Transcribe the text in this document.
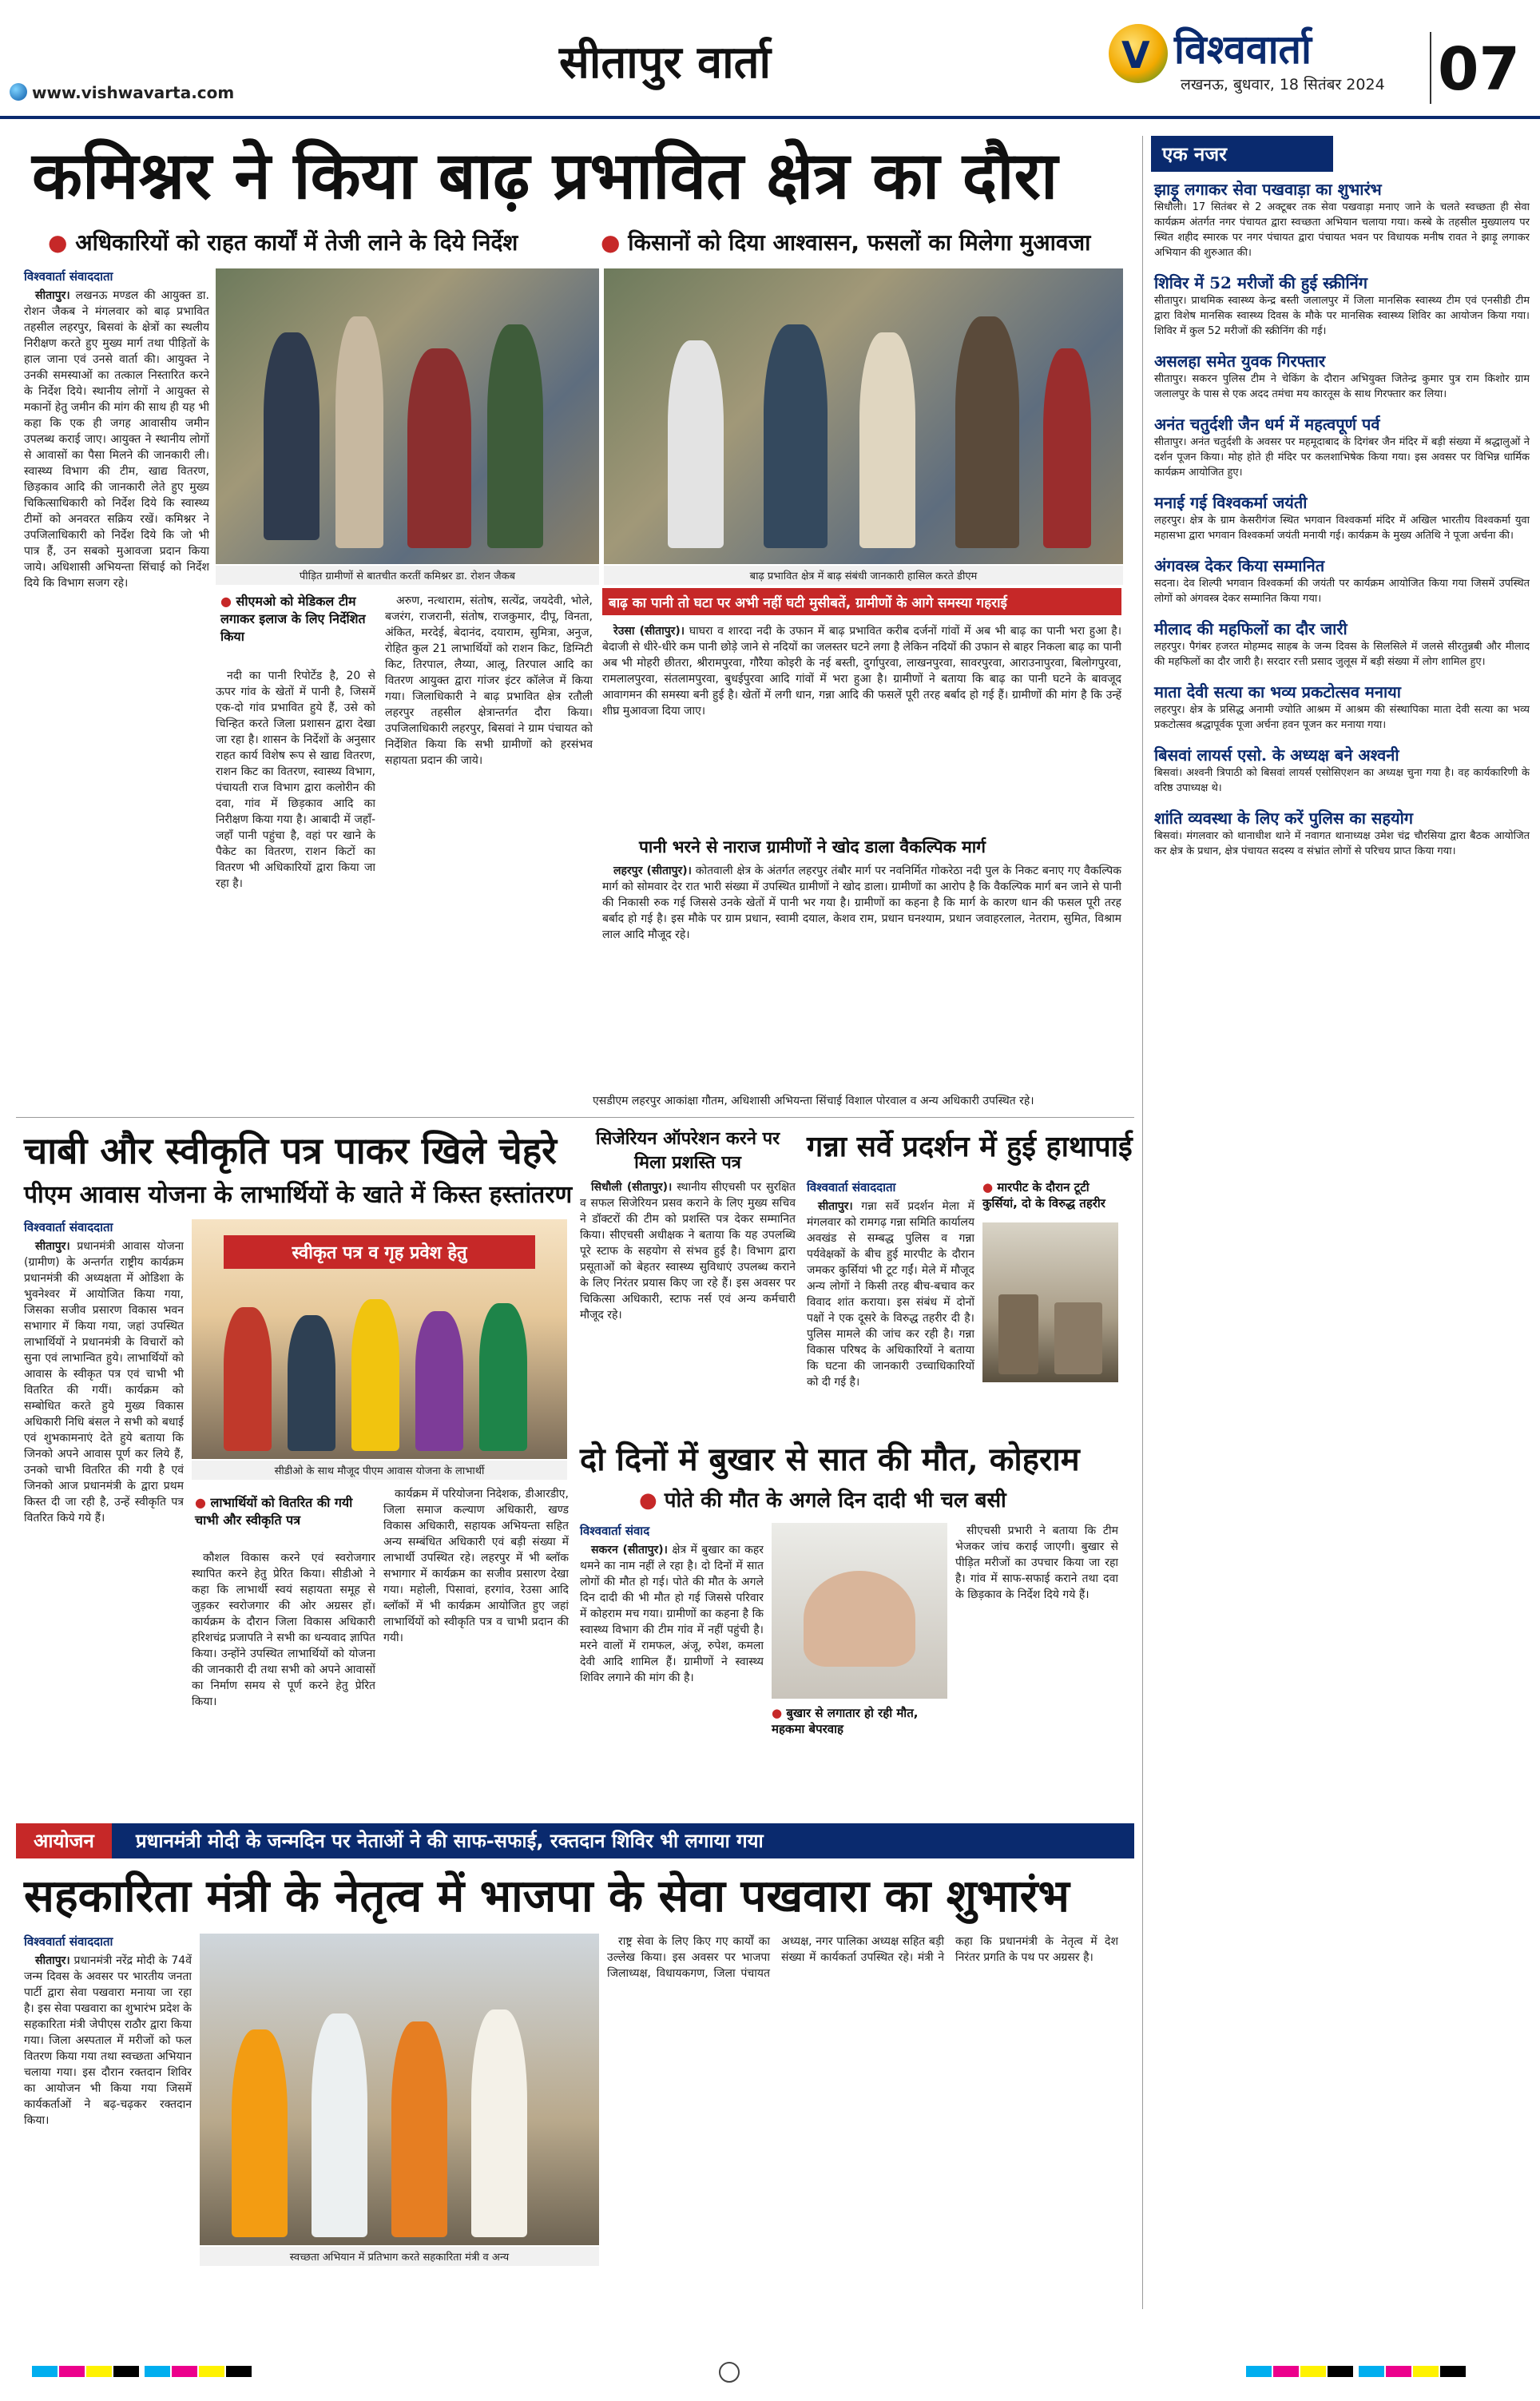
www.vishwavarta.com
सीतापुर वार्ता	V विश्ववार्ता
लखनऊ, बुधवार, 18 सितंबर 2024 07
कमिश्नर ने किया बाढ़ प्रभावित क्षेत्र का दौरा
● अधिकारियों को राहत कार्यों में तेजी लाने के दिये निर्देश	● किसानों को दिया आश्वासन, फसलों का मिलेगा मुआवजा
विश्ववार्ता संवाददाता

सीतापुर। लखनऊ मण्डल की आयुक्त डा. रोशन जैकब ने मंगलवार को बाढ़ प्रभावित तहसील लहरपुर, बिसवां के क्षेत्रों का स्थलीय निरीक्षण करते हुए मुख्य मार्ग तथा पीड़ितों के हाल जाना एवं उनसे वार्ता की। आयुक्त ने उनकी समस्याओं का तत्काल निस्तारित करने के निर्देश दिये। स्थानीय लोगों ने आयुक्त से मकानों हेतु जमीन की मांग की साथ ही यह भी कहा कि एक ही जगह आवासीय जमीन उपलब्ध कराई जाए। आयुक्त ने स्थानीय लोगों से आवासों का पैसा मिलने की जानकारी ली। स्वास्थ्य विभाग की टीम, खाद्य वितरण, छिड़काव आदि की जानकारी लेते हुए मुख्य चिकित्साधिकारी को निर्देश दिये कि स्वास्थ्य टीमों को अनवरत सक्रिय रखें। कमिश्नर ने उपजिलाधिकारी को निर्देश दिये कि जो भी पात्र हैं, उन सबको मुआवजा प्रदान किया जाये। अधिशासी अभियन्ता सिंचाई को निर्देश दिये कि विभाग सजग रहे।

पीड़ित ग्रामीणों से बातचीत करतीं कमिश्नर डा. रोशन जैकब	बाढ़ प्रभावित क्षेत्र में बाढ़ संबंधी जानकारी हासिल करते डीएम
● सीएमओ को मेडिकल टीम लगाकर इलाज के लिए निर्देशित किया

नदी का पानी रिपोर्टेड है, 20 से ऊपर गांव के खेतों में पानी है, जिसमें एक-दो गांव प्रभावित हुये हैं, उसे को चिन्हित करते जिला प्रशासन द्वारा देखा जा रहा है। शासन के निर्देशों के अनुसार राहत कार्य विशेष रूप से खाद्य वितरण, राशन किट का वितरण, स्वास्थ्य विभाग, पंचायती राज विभाग द्वारा कलोरीन की दवा, गांव में छिड़काव आदि का निरीक्षण किया गया है। आबादी में जहाँ-जहाँ पानी पहुंचा है, वहां पर खाने के पैकेट का वितरण, राशन किटों का वितरण भी अधिकारियों द्वारा किया जा रहा है।

अरुण, नत्थाराम, संतोष, सत्येंद्र, जयदेवी, भोले, बजरंग, राजरानी, संतोष, राजकुमार, दीपू, विनता, अंकित, मरदेई, बेदानंद, दयाराम, सुमित्रा, अनुज, रोहित कुल 21 लाभार्थियों को राशन किट, डिग्निटी किट, तिरपाल, लैय्या, आलू, तिरपाल आदि का वितरण आयुक्त द्वारा गांजर इंटर कॉलेज में किया गया। जिलाधिकारी ने बाढ़ प्रभावित क्षेत्र रतौली लहरपुर तहसील क्षेत्रान्तर्गत दौरा किया। उपजिलाधिकारी लहरपुर, बिसवां ने ग्राम पंचायत को निर्देशित किया कि सभी ग्रामीणों को हरसंभव सहायता प्रदान की जाये।

बाढ़ का पानी तो घटा पर अभी नहीं घटी मुसीबतें, ग्रामीणों के आगे समस्या गहराई

रेउसा (सीतापुर)। घाघरा व शारदा नदी के उफान में बाढ़ प्रभावित करीब दर्जनों गांवों में अब भी बाढ़ का पानी भरा हुआ है। बेदाजी से धीरे-धीरे कम पानी छोड़े जाने से नदियों का जलस्तर घटने लगा है लेकिन नदियों की उफान से बाहर निकला बाढ़ का पानी अब भी मोहरी छीतरा, श्रीरामपुरवा, गौरैया कोइरी के नई बस्ती, दुर्गापुरवा, लाखनपुरवा, सावरपुरवा, आराउनापुरवा, बिलोगपुरवा, रामलालपुरवा, संतलामपुरवा, बुधईपुरवा आदि गांवों में भरा हुआ है। ग्रामीणों ने बताया कि बाढ़ का पानी घटने के बावजूद आवागमन की समस्या बनी हुई है। खेतों में लगी धान, गन्ना आदि की फसलें पूरी तरह बर्बाद हो गई हैं। ग्रामीणों की मांग है कि उन्हें शीघ्र मुआवजा दिया जाए।

पानी भरने से नाराज ग्रामीणों ने खोद डाला वैकल्पिक मार्ग

लहरपुर (सीतापुर)। कोतवाली क्षेत्र के अंतर्गत लहरपुर तंबौर मार्ग पर नवनिर्मित गोकरेठा नदी पुल के निकट बनाए गए वैकल्पिक मार्ग को सोमवार देर रात भारी संख्या में उपस्थित ग्रामीणों ने खोद डाला। ग्रामीणों का आरोप है कि वैकल्पिक मार्ग बन जाने से पानी की निकासी रुक गई जिससे उनके खेतों में पानी भर गया है। ग्रामीणों का कहना है कि मार्ग के कारण धान की फसल पूरी तरह बर्बाद हो गई है। इस मौके पर ग्राम प्रधान, स्वामी दयाल, केशव राम, प्रधान घनश्याम, प्रधान जवाहरलाल, नेतराम, सुमित, विश्राम लाल आदि मौजूद रहे।

एसडीएम लहरपुर आकांक्षा गौतम, अधिशासी अभियन्ता सिंचाई विशाल पोरवाल व अन्य अधिकारी उपस्थित रहे।
चाबी और स्वीकृति पत्र पाकर खिले चेहरे
पीएम आवास योजना के लाभार्थियों के खाते में किस्त हस्तांतरण
विश्ववार्ता संवाददाता

सीतापुर। प्रधानमंत्री आवास योजना (ग्रामीण) के अन्तर्गत राष्ट्रीय कार्यक्रम प्रधानमंत्री की अध्यक्षता में ओडिशा के भुवनेश्वर में आयोजित किया गया, जिसका सजीव प्रसारण विकास भवन सभागार में किया गया, जहां उपस्थित लाभार्थियों ने प्रधानमंत्री के विचारों को सुना एवं लाभान्वित हुये। लाभार्थियों को आवास के स्वीकृत पत्र एवं चाभी भी वितरित की गयीं। कार्यक्रम को सम्बोधित करते हुये मुख्य विकास अधिकारी निधि बंसल ने सभी को बधाई एवं शुभकामनाएं देते हुये बताया कि जिनको अपने आवास पूर्ण कर लिये हैं, उनको चाभी वितरित की गयी है एवं जिनको आज प्रधानमंत्री के द्वारा प्रथम किस्त दी जा रही है, उन्हें स्वीकृति पत्र वितरित किये गये हैं।

स्वीकृत पत्र व गृह प्रवेश हेतु
सीडीओ के साथ मौजूद पीएम आवास योजना के लाभार्थी
● लाभार्थियों को वितरित की गयी चाभी और स्वीकृति पत्र

कौशल विकास करने एवं स्वरोजगार स्थापित करने हेतु प्रेरित किया। सीडीओ ने कहा कि लाभार्थी स्वयं सहायता समूह से जुड़कर स्वरोजगार की ओर अग्रसर हों। कार्यक्रम के दौरान जिला विकास अधिकारी हरिशचंद्र प्रजापति ने सभी का धन्यवाद ज्ञापित किया। उन्होंने उपस्थित लाभार्थियों को योजना की जानकारी दी तथा सभी को अपने आवासों का निर्माण समय से पूर्ण करने हेतु प्रेरित किया।

कार्यक्रम में परियोजना निदेशक, डीआरडीए, जिला समाज कल्याण अधिकारी, खण्ड विकास अधिकारी, सहायक अभियन्ता सहित अन्य सम्बंधित अधिकारी एवं बड़ी संख्या में लाभार्थी उपस्थित रहे। लहरपुर में भी ब्लॉक सभागार में कार्यक्रम का सजीव प्रसारण देखा गया। महोली, पिसावां, हरगांव, रेउसा आदि ब्लॉकों में भी कार्यक्रम आयोजित हुए जहां लाभार्थियों को स्वीकृति पत्र व चाभी प्रदान की गयी।

सिजेरियन ऑपरेशन करने पर मिला प्रशस्ति पत्र

सिधौली (सीतापुर)। स्थानीय सीएचसी पर सुरक्षित व सफल सिजेरियन प्रसव कराने के लिए मुख्य सचिव ने डॉक्टरों की टीम को प्रशस्ति पत्र देकर सम्मानित किया। सीएचसी अधीक्षक ने बताया कि यह उपलब्धि पूरे स्टाफ के सहयोग से संभव हुई है। विभाग द्वारा प्रसूताओं को बेहतर स्वास्थ्य सुविधाएं उपलब्ध कराने के लिए निरंतर प्रयास किए जा रहे हैं। इस अवसर पर चिकित्सा अधिकारी, स्टाफ नर्स एवं अन्य कर्मचारी मौजूद रहे।

गन्ना सर्वे प्रदर्शन में हुई हाथापाई
विश्ववार्ता संवाददाता

सीतापुर। गन्ना सर्वे प्रदर्शन मेला में मंगलवार को रामगढ़ गन्ना समिति कार्यालय अवखंड से सम्बद्ध पुलिस व गन्ना पर्यवेक्षकों के बीच हुई मारपीट के दौरान जमकर कुर्सियां भी टूट गईं। मेले में मौजूद अन्य लोगों ने किसी तरह बीच-बचाव कर विवाद शांत कराया। इस संबंध में दोनों पक्षों ने एक दूसरे के विरुद्ध तहरीर दी है। पुलिस मामले की जांच कर रही है। गन्ना विकास परिषद के अधिकारियों ने बताया कि घटना की जानकारी उच्चाधिकारियों को दी गई है।

● मारपीट के दौरान टूटी कुर्सियां, दो के विरुद्ध तहरीर
दो दिनों में बुखार से सात की मौत, कोहराम
● पोते की मौत के अगले दिन दादी भी चल बसी
विश्ववार्ता संवाद

सकरन (सीतापुर)। क्षेत्र में बुखार का कहर थमने का नाम नहीं ले रहा है। दो दिनों में सात लोगों की मौत हो गई। पोते की मौत के अगले दिन दादी की भी मौत हो गई जिससे परिवार में कोहराम मच गया। ग्रामीणों का कहना है कि स्वास्थ्य विभाग की टीम गांव में नहीं पहुंची है। मरने वालों में रामफल, अंजू, रुपेश, कमला देवी आदि शामिल हैं। ग्रामीणों ने स्वास्थ्य शिविर लगाने की मांग की है।

● बुखार से लगातार हो रही मौत, महकमा बेपरवाह

सीएचसी प्रभारी ने बताया कि टीम भेजकर जांच कराई जाएगी। बुखार से पीड़ित मरीजों का उपचार किया जा रहा है। गांव में साफ-सफाई कराने तथा दवा के छिड़काव के निर्देश दिये गये हैं।

आयोजन	प्रधानमंत्री मोदी के जन्मदिन पर नेताओं ने की साफ-सफाई, रक्तदान शिविर भी लगाया गया
सहकारिता मंत्री के नेतृत्व में भाजपा के सेवा पखवारा का शुभारंभ
विश्ववार्ता संवाददाता

सीतापुर। प्रधानमंत्री नरेंद्र मोदी के 74वें जन्म दिवस के अवसर पर भारतीय जनता पार्टी द्वारा सेवा पखवारा मनाया जा रहा है। इस सेवा पखवारा का शुभारंभ प्रदेश के सहकारिता मंत्री जेपीएस राठौर द्वारा किया गया। जिला अस्पताल में मरीजों को फल वितरण किया गया तथा स्वच्छता अभियान चलाया गया। इस दौरान रक्तदान शिविर का आयोजन भी किया गया जिसमें कार्यकर्ताओं ने बढ़-चढ़कर रक्तदान किया।

स्वच्छता अभियान में प्रतिभाग करते सहकारिता मंत्री व अन्य

राष्ट्र सेवा के लिए किए गए कार्यों का उल्लेख किया। इस अवसर पर भाजपा जिलाध्यक्ष, विधायकगण, जिला पंचायत अध्यक्ष, नगर पालिका अध्यक्ष सहित बड़ी संख्या में कार्यकर्ता उपस्थित रहे। मंत्री ने कहा कि प्रधानमंत्री के नेतृत्व में देश निरंतर प्रगति के पथ पर अग्रसर है।

एक नजर
झाड़ू लगाकर सेवा पखवाड़ा का शुभारंभ
सिधौली। 17 सितंबर से 2 अक्टूबर तक सेवा पखवाड़ा मनाए जाने के चलते स्वच्छता ही सेवा कार्यक्रम अंतर्गत नगर पंचायत द्वारा स्वच्छता अभियान चलाया गया। कस्बे के तहसील मुख्यालय पर स्थित शहीद स्मारक पर नगर पंचायत द्वारा पंचायत भवन पर विधायक मनीष रावत ने झाड़ू लगाकर अभियान की शुरुआत की।
शिविर में 52 मरीजों की हुई स्क्रीनिंग
सीतापुर। प्राथमिक स्वास्थ्य केन्द्र बस्ती जलालपुर में जिला मानसिक स्वास्थ्य टीम एवं एनसीडी टीम द्वारा विशेष मानसिक स्वास्थ्य दिवस के मौके पर मानसिक स्वास्थ्य शिविर का आयोजन किया गया। शिविर में कुल 52 मरीजों की स्क्रीनिंग की गई।
असलहा समेत युवक गिरफ्तार
सीतापुर। सकरन पुलिस टीम ने चेकिंग के दौरान अभियुक्त जितेन्द्र कुमार पुत्र राम किशोर ग्राम जलालपुर के पास से एक अदद तमंचा मय कारतूस के साथ गिरफ्तार कर लिया।
अनंत चतुर्दशी जैन धर्म में महत्वपूर्ण पर्व
सीतापुर। अनंत चतुर्दशी के अवसर पर महमूदाबाद के दिगंबर जैन मंदिर में बड़ी संख्या में श्रद्धालुओं ने दर्शन पूजन किया। मोह होते ही मंदिर पर कलशाभिषेक किया गया। इस अवसर पर विभिन्न धार्मिक कार्यक्रम आयोजित हुए।
मनाई गई विश्वकर्मा जयंती
लहरपुर। क्षेत्र के ग्राम केसरीगंज स्थित भगवान विश्वकर्मा मंदिर में अखिल भारतीय विश्वकर्मा युवा महासभा द्वारा भगवान विश्वकर्मा जयंती मनायी गई। कार्यक्रम के मुख्य अतिथि ने पूजा अर्चना की।
अंगवस्त्र देकर किया सम्मानित
सदना। देव शिल्पी भगवान विश्वकर्मा की जयंती पर कार्यक्रम आयोजित किया गया जिसमें उपस्थित लोगों को अंगवस्त्र देकर सम्मानित किया गया।
मीलाद की महफिलों का दौर जारी
लहरपुर। पैगंबर हजरत मोहम्मद साहब के जन्म दिवस के सिलसिले में जलसे सीरतुन्नबी और मीलाद की महफिलों का दौर जारी है। सरदार रत्ती प्रसाद जुलूस में बड़ी संख्या में लोग शामिल हुए।
माता देवी सत्या का भव्य प्रकटोत्सव मनाया
लहरपुर। क्षेत्र के प्रसिद्ध अनामी ज्योति आश्रम में आश्रम की संस्थापिका माता देवी सत्या का भव्य प्रकटोत्सव श्रद्धापूर्वक पूजा अर्चना हवन पूजन कर मनाया गया।
बिसवां लायर्स एसो. के अध्यक्ष बने अश्वनी
बिसवां। अश्वनी त्रिपाठी को बिसवां लायर्स एसोसिएशन का अध्यक्ष चुना गया है। वह कार्यकारिणी के वरिष्ठ उपाध्यक्ष थे।
शांति व्यवस्था के लिए करें पुलिस का सहयोग
बिसवां। मंगलवार को थानाधीश थाने में नवागत थानाध्यक्ष उमेश चंद्र चौरसिया द्वारा बैठक आयोजित कर क्षेत्र के प्रधान, क्षेत्र पंचायत सदस्य व संभ्रांत लोगों से परिचय प्राप्त किया गया।
